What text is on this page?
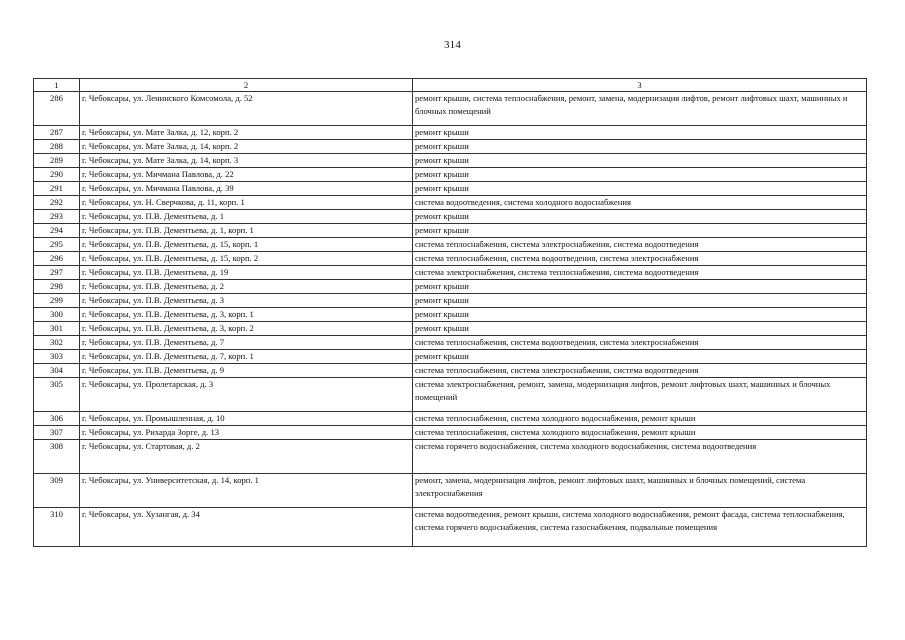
314
1	2	3
286	г. Чебоксары, ул. Ленинского Комсомола, д. 52	ремонт крыши, система теплоснабжения, ремонт, замена, модернизация лифтов, ремонт лифтовых шахт, машинных и блочных помещений
287	г. Чебоксары, ул. Мате Залка, д. 12, корп. 2	ремонт крыши
288	г. Чебоксары, ул. Мате Залка, д. 14, корп. 2	ремонт крыши
289	г. Чебоксары, ул. Мате Залка, д. 14, корп. 3	ремонт крыши
290	г. Чебоксары, ул. Мичмана Павлова, д. 22	ремонт крыши
291	г. Чебоксары, ул. Мичмана Павлова, д. 39	ремонт крыши
292	г. Чебоксары, ул. Н. Сверчкова, д. 11, корп. 1	система водоотведения, система холодного водоснабжения
293	г. Чебоксары, ул. П.В. Дементьева, д. 1	ремонт крыши
294	г. Чебоксары, ул. П.В. Дементьева, д. 1, корп. 1	ремонт крыши
295	г. Чебоксары, ул. П.В. Дементьева, д. 15, корп. 1	система теплоснабжения, система электроснабжения, система водоотведения
296	г. Чебоксары, ул. П.В. Дементьева, д. 15, корп. 2	система теплоснабжения, система водоотведения, система электроснабжения
297	г. Чебоксары, ул. П.В. Дементьева, д. 19	система электроснабжения, система теплоснабжения, система водоотведения
298	г. Чебоксары, ул. П.В. Дементьева, д. 2	ремонт крыши
299	г. Чебоксары, ул. П.В. Дементьева, д. 3	ремонт крыши
300	г. Чебоксары, ул. П.В. Дементьева, д. 3, корп. 1	ремонт крыши
301	г. Чебоксары, ул. П.В. Дементьева, д. 3, корп. 2	ремонт крыши
302	г. Чебоксары, ул. П.В. Дементьева, д. 7	система теплоснабжения, система водоотведения, система электроснабжения
303	г. Чебоксары, ул. П.В. Дементьева, д. 7, корп. 1	ремонт крыши
304	г. Чебоксары, ул. П.В. Дементьева, д. 9	система теплоснабжения, система электроснабжения, система водоотведения
305	г. Чебоксары, ул. Пролетарская, д. 3	система электроснабжения, ремонт, замена, модернизация лифтов, ремонт лифтовых шахт, машинных и блочных помещений
306	г. Чебоксары, ул. Промышленная, д. 10	система теплоснабжения, система холодного водоснабжения, ремонт крыши
307	г. Чебоксары, ул. Рихарда Зорге, д. 13	система теплоснабжения, система холодного водоснабжения, ремонт крыши
308	г. Чебоксары, ул. Стартовая, д. 2	система горячего водоснабжения, система холодного водоснабжения, система водоотведения
309	г. Чебоксары, ул. Университетская, д. 14, корп. 1	ремонт, замена, модернизация лифтов, ремонт лифтовых шахт, машинных и блочных помещений, система электроснабжения
310	г. Чебоксары, ул. Хузангая, д. 34	система водоотведения, ремонт крыши, система холодного водоснабжения, ремонт фасада, система теплоснабжения, система горячего водоснабжения, система газоснабжения, подвальные помещения
